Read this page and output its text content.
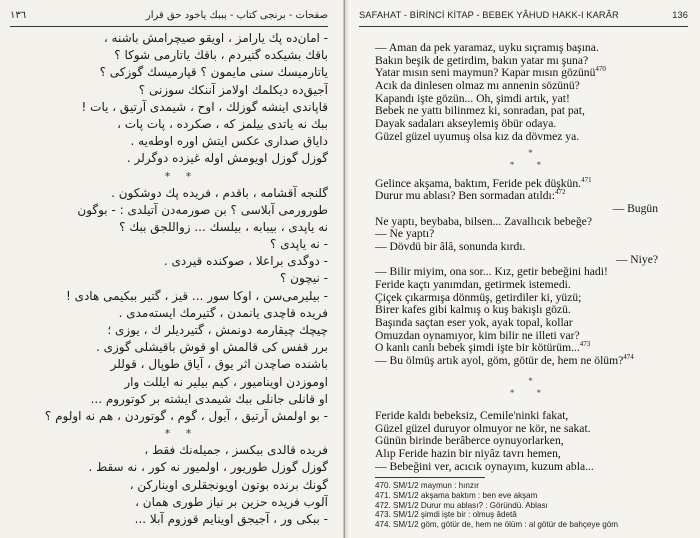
صفحات - برنجی کتاب - بببك یاخود حق قرار
١٣٦
- امان‌ده پك یارامز ، اویقو صیچرامش باشنه ،
باقك بشیکده گتیردم ، باقك یاتارمی شوكا ؟
یاتارمیسك سنی مایمون ؟ قپارمیسك گوزكی ؟
آجیق‌ده دیکلمك اولامز آننکك سوزنی ؟
قاپاندی اینشه گوزلك ، اوح ، شیمدی آرتیق ، یات !
ببك نه یاتدی بیلمز که ، صکرده ، پات پات ،
داياق صداری عکس ایتش اوره اوطه‌يه .
گوزل گوزل اویومش اوله غیزده دوگرلر .
* *
گلنجه آقشامه ، باقدم ، فریده پك دوشکون .
طورورمی آبلاسی ؟ بن صورمه‌دن آتیلدی : - بوگون
نه یاپدی ، بیبابه ، بیلسك ... زواللجق ببك ؟
- نه یاپدی ؟
- دوگدی براعلا ، صوکنده قیردی .
- نیچون ؟
- بیلیرمی‌سن ، اوکا سور ... قیز ، گتیر ببکیمی هادی !
فریده قاچدی یانمدن ، گتیرمك ایسته‌مدی .
چیچك چیقارمه دونمش ، گتیردیلر ك ، یوزی ؛
برر قفس کی قالمش او قوش باقیشلی گوزی .
باشنده صاچدن اثر یوق ، آیاق طوپال ، قوللر
اوموزدن اوینامیور ، کیم بیلیر نه ایللت وار
او قانلی جانلی ببك شیمدی ایشته بر کوتوروم ...
- بو اولمش آرتیق ، آیول ، گوم ، گوتوردن ، هم نه اولوم ؟
* *
فریده قالدی ببکسز ، جمیله‌نك فقط ،
گوزل گوزل طوریور ، اولمیور نه کور ، نه سقط .
گونك برنده بوتون اویونجقلری اوینارکن ،
آلوب فریده حزین بر نیاز طوری همان ،
- ببکی ور ، آجیجق اوینایم قوزوم آبلا ...
SAFAHAT - BİRİNCİ KİTAP - BEBEK YÂHUD HAKK-I KARÂR	136
— Aman da pek yaramaz, uyku sıçramış başına.
Bakın beşik de getirdim, bakın yatar mı şuna?
Yatar mısın seni maymun? Kapar mısın gözünü$^{470}$
Acık da dinlesen olmaz mı annenin sözünü?
Kapandı işte gözün... Oh, şimdi artık, yat!
Bebek ne yattı bilinmez ki, sonradan, pat pat,
Dayak sadaları akseylemiş öbür odaya.
Güzel güzel uyumuş olsa kız da dövmez ya.
*
* *
Gelince akşama, baktım, Feride pek düşkün.$^{471}$
Durur mu ablası? Ben sormadan atıldı:$^{472}$
— Bugün
Ne yaptı, beybaba, bilsen... Zavallıcık bebeğe?
— Ne yaptı?
— Dövdü bir âlâ, sonunda kırdı.
— Niye?
— Bilir miyim, ona sor... Kız, getir bebeğini hadi!
Feride kaçtı yanımdan, getirmek istemedi.
Çiçek çıkarmışa dönmüş, getirdiler ki, yüzü;
Birer kafes gibi kalmış o kuş bakışlı gözü.
Başında saçtan eser yok, ayak topal, kollar
Omuzdan oynamıyor, kim bilir ne illeti var?
O kanlı canlı bebek şimdi işte bir kötürüm...$^{473}$
— Bu ölmüş artık ayol, göm, götür de, hem ne ölüm?$^{474}$
*
* *
Feride kaldı bebeksiz, Cemile'ninki fakat,
Güzel güzel duruyor olmuyor ne kör, ne sakat.
Günün birinde berâberce oynuyorlarken,
Alıp Feride hazin bir niyâz tavrı hemen,
— Bebeğini ver, acıcık oynayım, kuzum abla...
470. SM/1/2 maymun : hınzır
471. SM/1/2 akşama baktım : ben eve akşam
472. SM/1/2 Durur mu ablası? : Göründü. Ablası
473. SM/1/2 şimdi işte bir : olmuş âdetâ
474. SM/1/2 göm, götür de, hem ne ölüm : al götür de bahçeye göm
